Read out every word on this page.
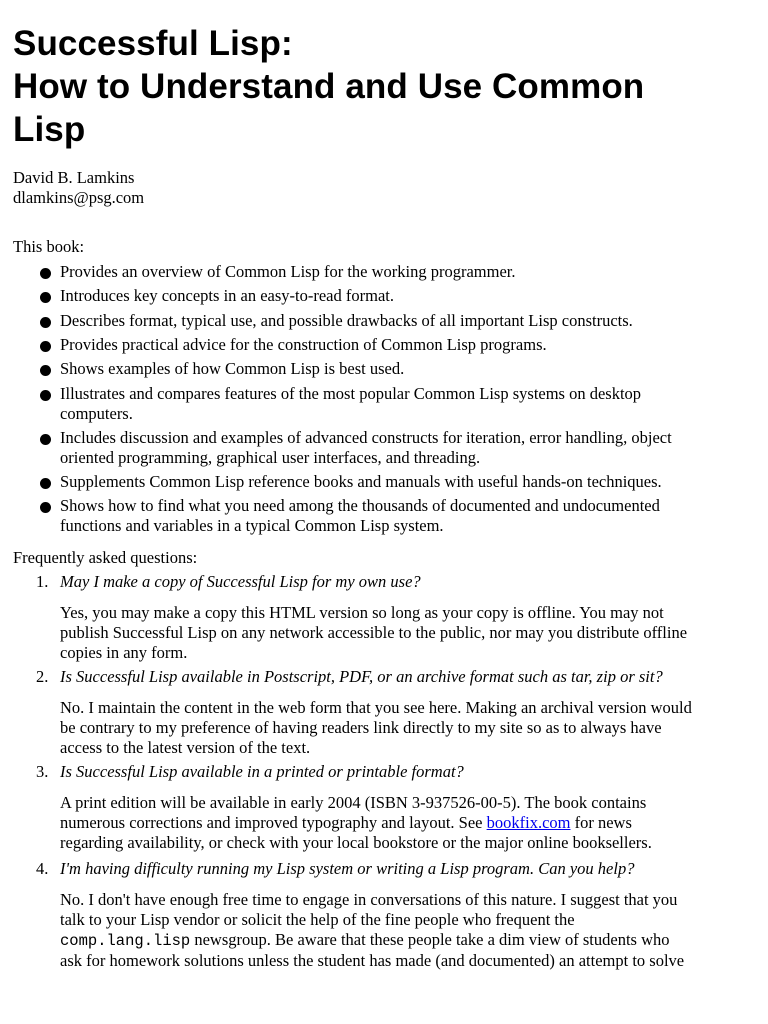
Successful Lisp:
How to Understand and Use Common
Lisp
David B. Lamkins
dlamkins@psg.com
This book:
Provides an overview of Common Lisp for the working programmer.
Introduces key concepts in an easy-to-read format.
Describes format, typical use, and possible drawbacks of all important Lisp constructs.
Provides practical advice for the construction of Common Lisp programs.
Shows examples of how Common Lisp is best used.
Illustrates and compares features of the most popular Common Lisp systems on desktop
computers.
Includes discussion and examples of advanced constructs for iteration, error handling, object
oriented programming, graphical user interfaces, and threading.
Supplements Common Lisp reference books and manuals with useful hands-on techniques.
Shows how to find what you need among the thousands of documented and undocumented
functions and variables in a typical Common Lisp system.
Frequently asked questions:
1. May I make a copy of Successful Lisp for my own use?
Yes, you may make a copy this HTML version so long as your copy is offline. You may not
publish Successful Lisp on any network accessible to the public, nor may you distribute offline
copies in any form.
2. Is Successful Lisp available in Postscript, PDF, or an archive format such as tar, zip or sit?
No. I maintain the content in the web form that you see here. Making an archival version would
be contrary to my preference of having readers link directly to my site so as to always have
access to the latest version of the text.
3. Is Successful Lisp available in a printed or printable format?
A print edition will be available in early 2004 (ISBN 3-937526-00-5). The book contains
numerous corrections and improved typography and layout. See bookfix.com for news
regarding availability, or check with your local bookstore or the major online booksellers.
4. I'm having difficulty running my Lisp system or writing a Lisp program. Can you help?
No. I don't have enough free time to engage in conversations of this nature. I suggest that you
talk to your Lisp vendor or solicit the help of the fine people who frequent the
comp.lang.lisp newsgroup. Be aware that these people take a dim view of students who
ask for homework solutions unless the student has made (and documented) an attempt to solve
